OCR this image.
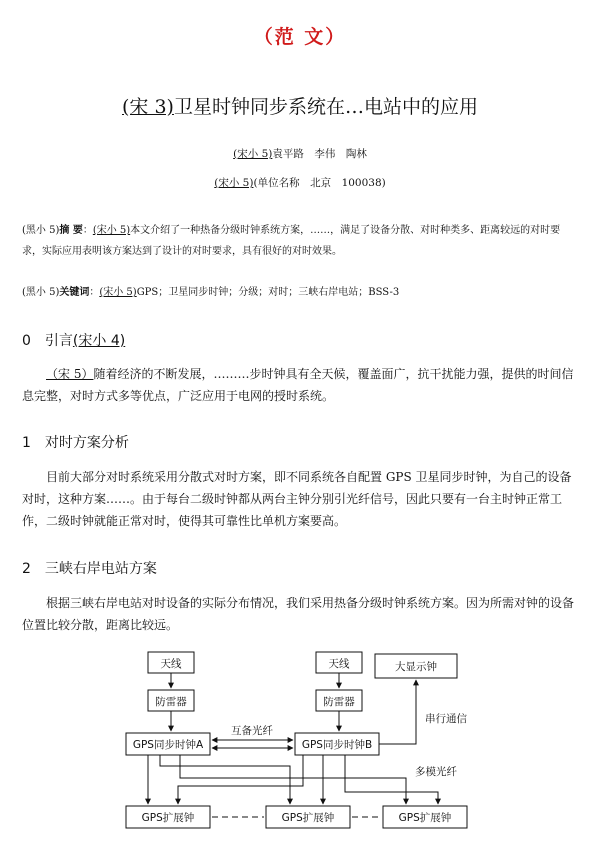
（范 文）
(宋 3)卫星时钟同步系统在…电站中的应用
(宋小 5)袁平路　李伟　陶林
(宋小 5)(单位名称　北京　100038)
(黑小 5)摘 要：(宋小 5)本文介绍了一种热备分级时钟系统方案，……，满足了设备分散、对时种类多、距离较远的对时要求，实际应用表明该方案达到了设计的对时要求，具有很好的对时效果。
(黑小 5)关键词：(宋小 5)GPS；卫星同步时钟；分级；对时；三峡右岸电站；BSS-3
0　 引言(宋小 4)
（宋 5）随着经济的不断发展，………步时钟具有全天候，覆盖面广，抗干扰能力强，提供的时间信息完整，对时方式多等优点，广泛应用于电网的授时系统。
1　 对时方案分析
目前大部分对时系统采用分散式对时方案，即不同系统各自配置 GPS 卫星同步时钟，为自己的设备对时，这种方案……。由于每台二级时钟都从两台主钟分别引光纤信号，因此只要有一台主时钟正常工作，二级时钟就能正常对时，使得其可靠性比单机方案要高。
2　 三峡右岸电站方案
根据三峡右岸电站对时设备的实际分布情况，我们采用热备分级时钟系统方案。因为所需对钟的设备位置比较分散，距离比较远。
天线
防雷器
GPS同步时钟A
天线
防雷器
GPS同步时钟B
大显示钟
互备光纤
串行通信
多模光纤
GPS扩展钟	GPS扩展钟	GPS扩展钟
